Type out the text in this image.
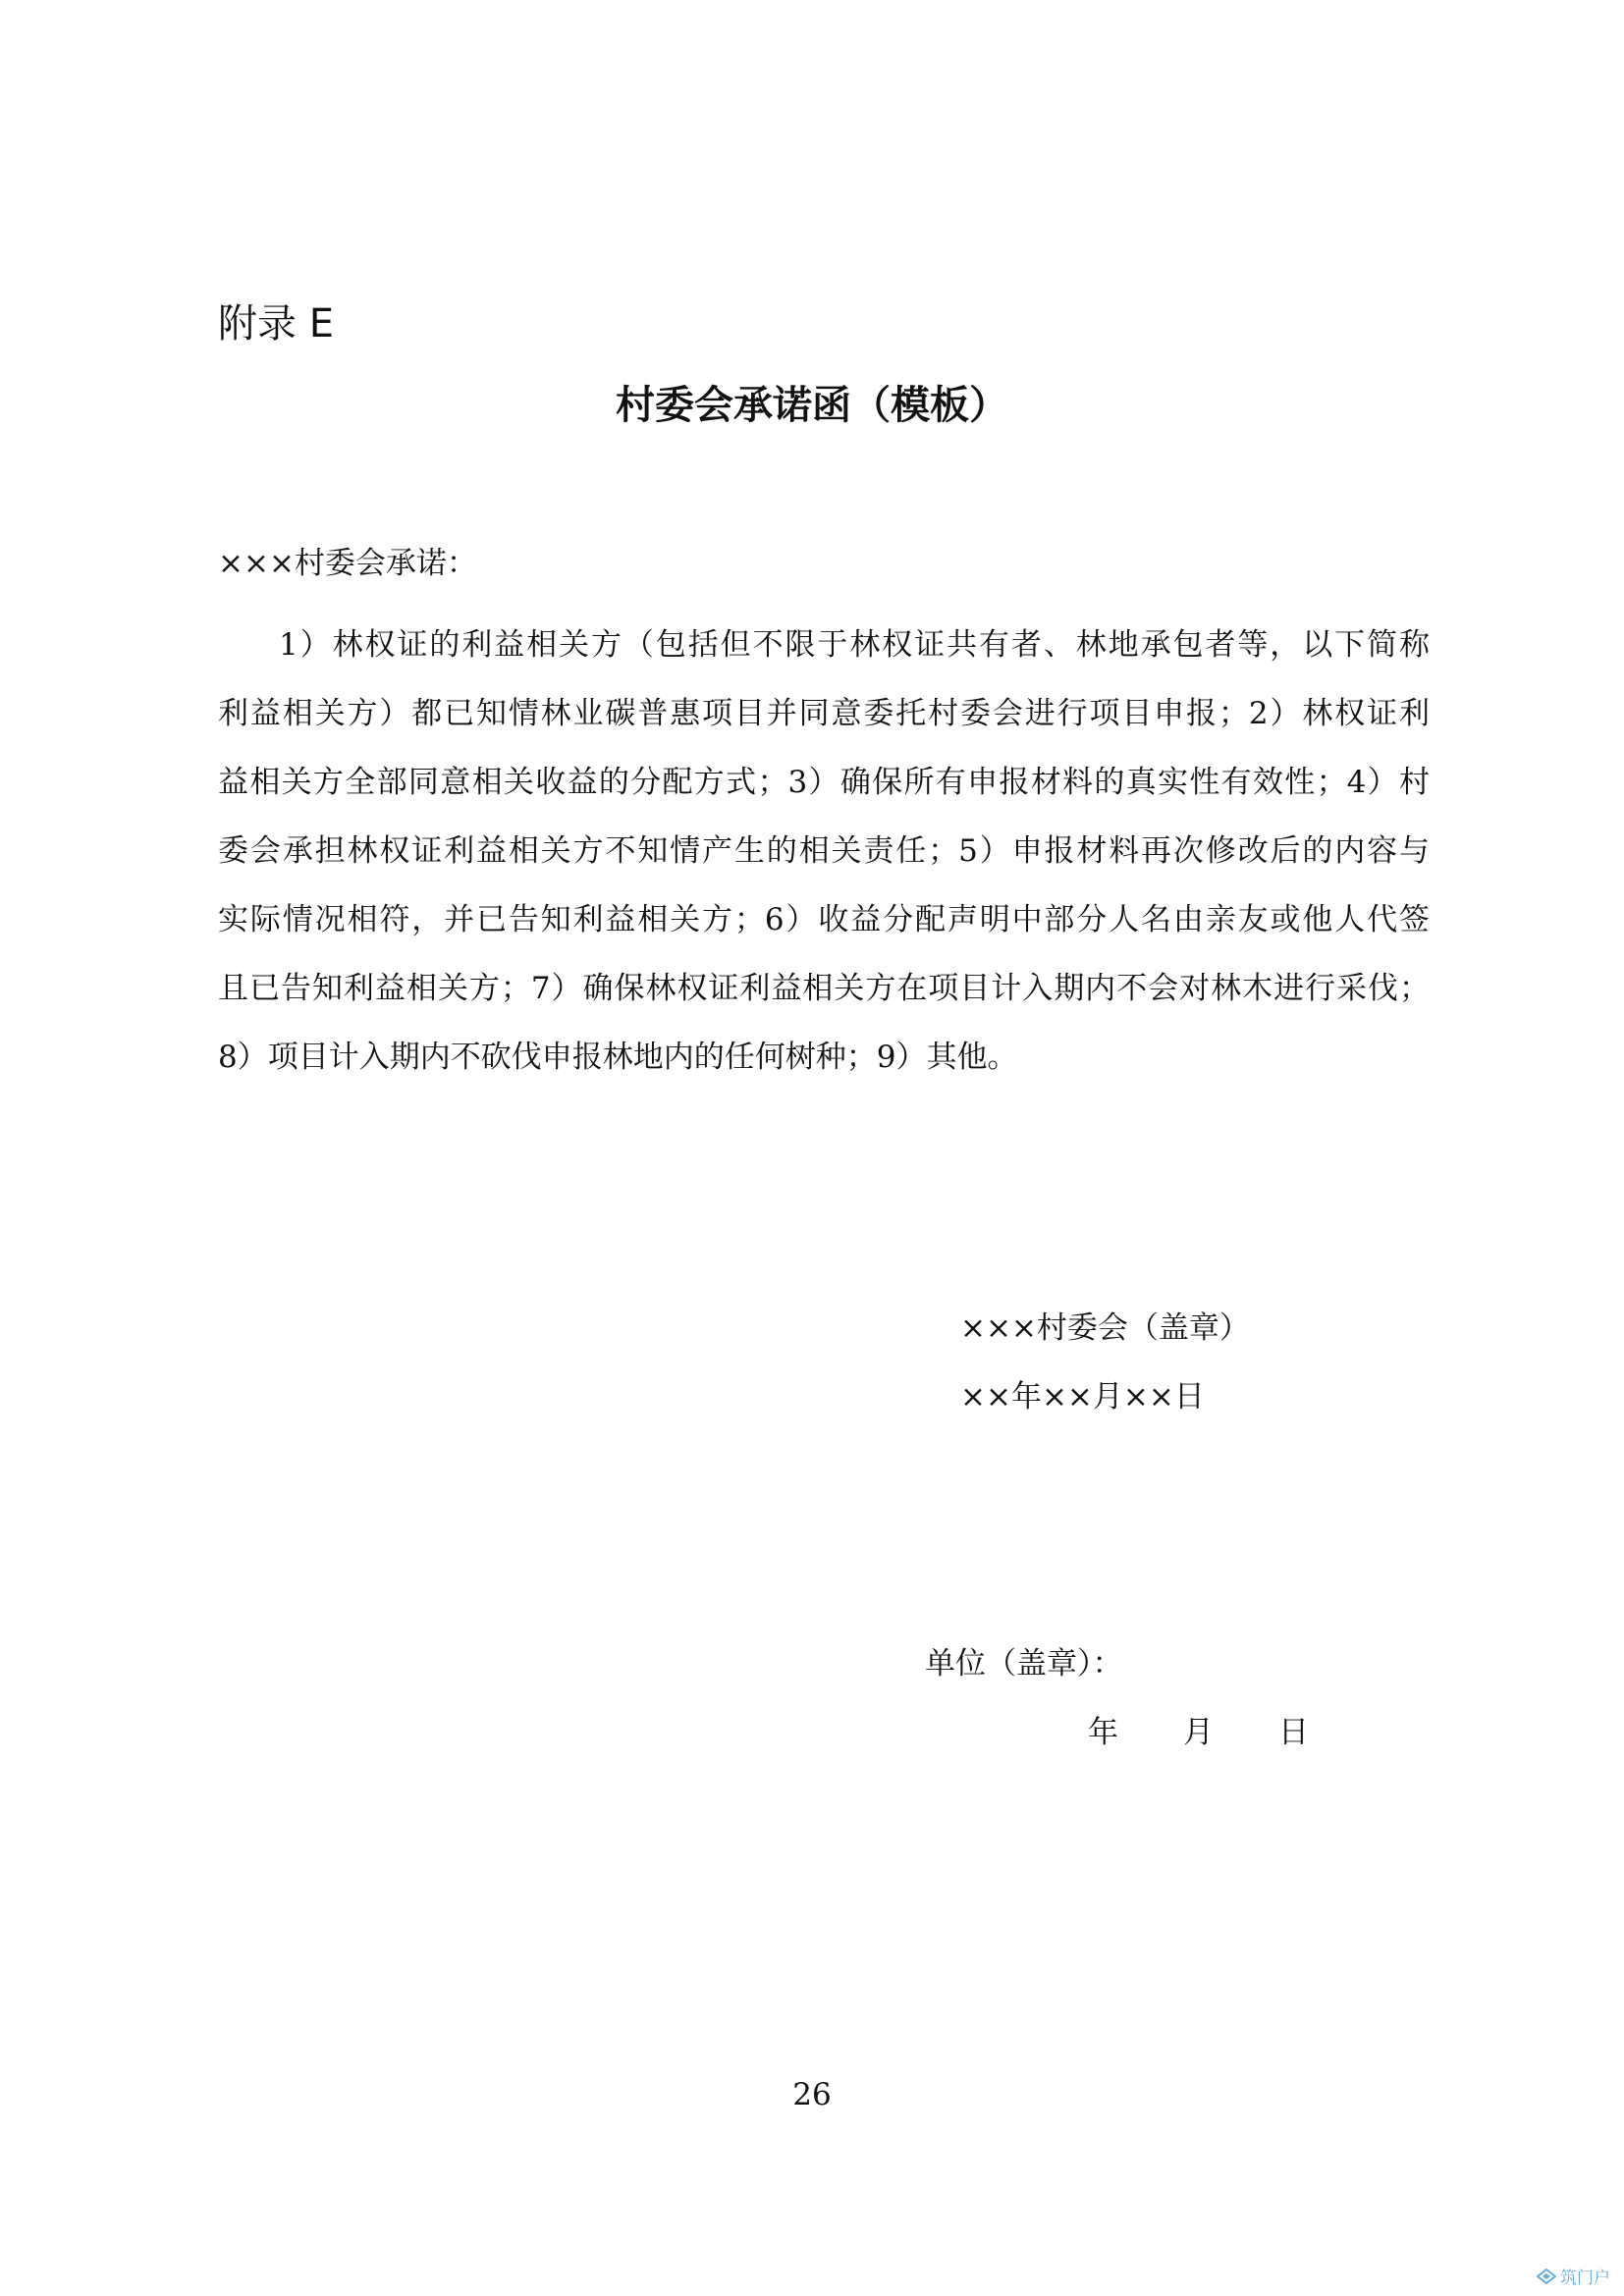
附录 E
村委会承诺函（模板）

×××村委会承诺：

1）林权证的利益相关方（包括但不限于林权证共有者、林地承包者等，以下简称
利益相关方）都已知情林业碳普惠项目并同意委托村委会进行项目申报；2）林权证利
益相关方全部同意相关收益的分配方式；3）确保所有申报材料的真实性有效性；4）村
委会承担林权证利益相关方不知情产生的相关责任；5）申报材料再次修改后的内容与
实际情况相符，并已告知利益相关方；6）收益分配声明中部分人名由亲友或他人代签
且已告知利益相关方；7）确保林权证利益相关方在项目计入期内不会对林木进行采伐；
8）项目计入期内不砍伐申报林地内的任何树种；9）其他。
×××村委会（盖章）
××年××月××日
单位（盖章）：
年 月 日
26
筑门户
